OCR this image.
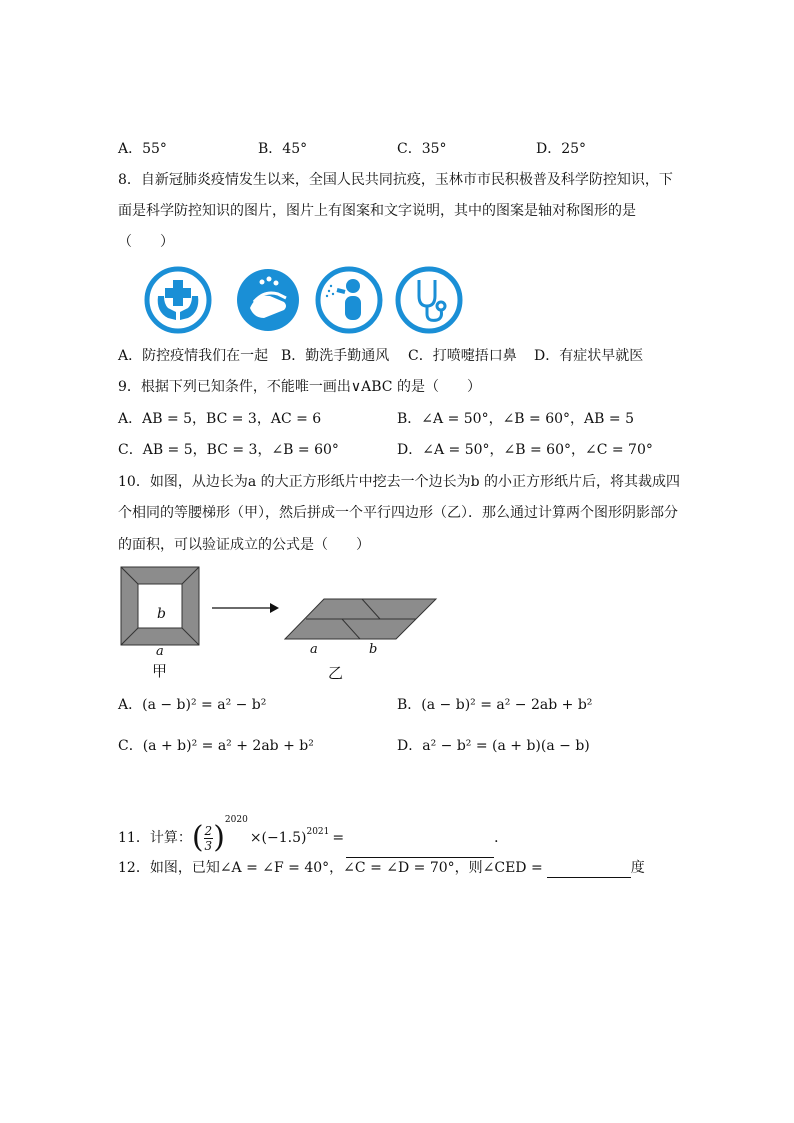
A．55°	B．45°	C．35°	D．25°
8．自新冠肺炎疫情发生以来，全国人民共同抗疫，玉林市市民积极普及科学防控知识，下
面是科学防控知识的图片，图片上有图案和文字说明，其中的图案是轴对称图形的是
（　　）
A．防控疫情我们在一起 B．勤洗手勤通风 C．打喷嚏捂口鼻 D．有症状早就医
9．根据下列已知条件，不能唯一画出∨ABC 的是（　　）
A．AB = 5，BC = 3，AC = 6	B．∠A = 50°，∠B = 60°，AB = 5
C．AB = 5，BC = 3，∠B = 60°	D．∠A = 50°，∠B = 60°，∠C = 70°
10．如图，从边长为a 的大正方形纸片中挖去一个边长为b 的小正方形纸片后，将其裁成四
个相同的等腰梯形（甲），然后拼成一个平行四边形（乙）．那么通过计算两个图形阴影部分
的面积，可以验证成立的公式是（　　）
b
a
甲
a	b
乙
A．(a − b)² = a² − b²	B．(a − b)² = a² − 2ab + b²
C．(a + b)² = a² + 2ab + b²	D．a² − b² = (a + b)(a − b)
11．计算：( $\frac{2}{3} )^{2020}\times(-1.5)^{2021}$ =	．
12．如图，已知∠A = ∠F = 40°，∠C = ∠D = 70°，则∠CED =	度
